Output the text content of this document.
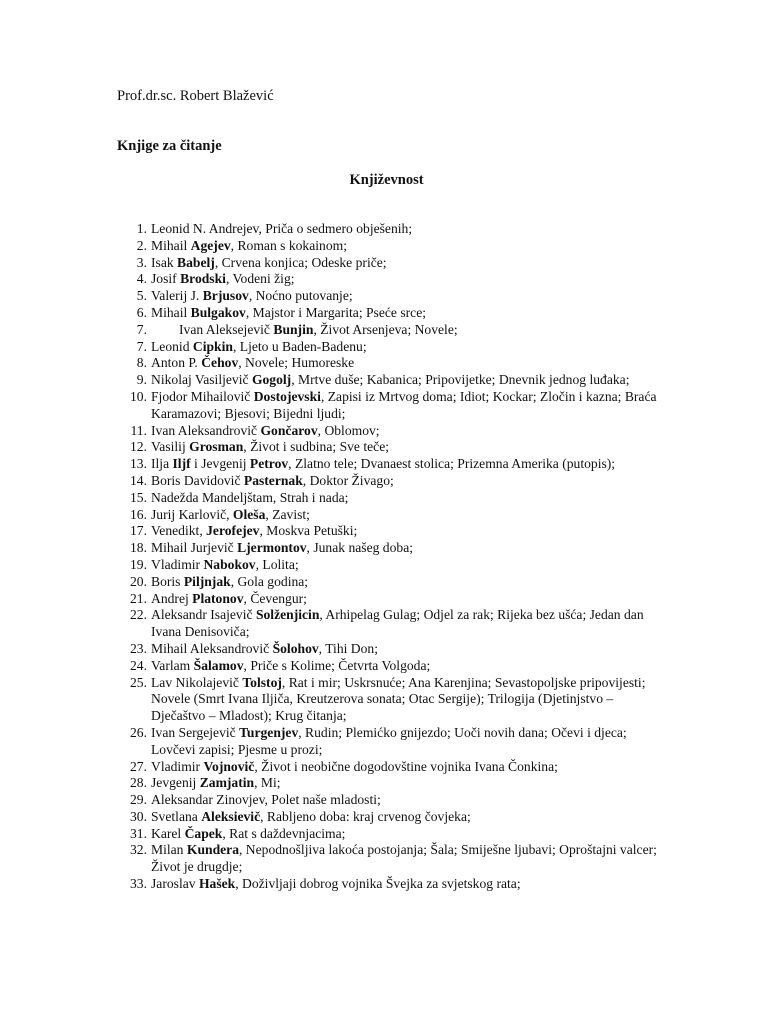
Prof.dr.sc. Robert Blažević
Knjige za čitanje
Književnost
1. Leonid N. Andrejev, Priča o sedmero obješenih;
2. Mihail Agejev, Roman s kokainom;
3. Isak Babelj, Crvena konjica; Odeske priče;
4. Josif Brodski, Vodeni žig;
5. Valerij J. Brjusov, Noćno putovanje;
6. Mihail Bulgakov, Majstor i Margarita; Pseće srce;
7. Ivan Aleksejevič Bunjin, Život Arsenjeva; Novele;
7. Leonid Cipkin, Ljeto u Baden-Badenu;
8. Anton P. Čehov, Novele; Humoreske
9. Nikolaj Vasiljevič Gogolj, Mrtve duše; Kabanica; Pripovijetke; Dnevnik jednog luđaka;
10. Fjodor Mihailovič Dostojevski, Zapisi iz Mrtvog doma; Idiot; Kockar; Zločin i kazna; Braća Karamazovi; Bjesovi; Bijedni ljudi;
11. Ivan Aleksandrovič Gončarov, Oblomov;
12. Vasilij Grosman, Život i sudbina; Sve teče;
13. Ilja Iljf i Jevgenij Petrov, Zlatno tele; Dvanaest stolica; Prizemna Amerika (putopis);
14. Boris Davidovič Pasternak, Doktor Živago;
15. Nadežda Mandeljštam, Strah i nada;
16. Jurij Karlovič, Oleša, Zavist;
17. Venedikt, Jerofejev, Moskva Petuški;
18. Mihail Jurjevič Ljermontov, Junak našeg doba;
19. Vladimir Nabokov, Lolita;
20. Boris Piljnjak, Gola godina;
21. Andrej Platonov, Čevengur;
22. Aleksandr Isajevič Solženjicin, Arhipelag Gulag; Odjel za rak; Rijeka bez ušća; Jedan dan Ivana Denisoviča;
23. Mihail Aleksandrovič Šolohov, Tihi Don;
24. Varlam Šalamov, Priče s Kolime; Četvrta Volgoda;
25. Lav Nikolajevič Tolstoj, Rat i mir; Uskrsnuće; Ana Karenjina; Sevastopoljske pripovijesti; Novele (Smrt Ivana Iljiča, Kreutzerova sonata; Otac Sergije); Trilogija (Djetinjstvo – Dječaštvo – Mladost); Krug čitanja;
26. Ivan Sergejevič Turgenjev, Rudin; Plemićko gnijezdo; Uoči novih dana; Očevi i djeca; Lovčevi zapisi; Pjesme u prozi;
27. Vladimir Vojnovič, Život i neobične dogodovštine vojnika Ivana Čonkina;
28. Jevgenij Zamjatin, Mi;
29. Aleksandar Zinovjev, Polet naše mladosti;
30. Svetlana Aleksievič, Rabljeno doba: kraj crvenog čovjeka;
31. Karel Čapek, Rat s daždevnjacima;
32. Milan Kundera, Nepodnošljiva lakoća postojanja; Šala; Smiješne ljubavi; Oproštajni valcer; Život je drugdje;
33. Jaroslav Hašek, Doživljaji dobrog vojnika Švejka za svjetskog rata;
